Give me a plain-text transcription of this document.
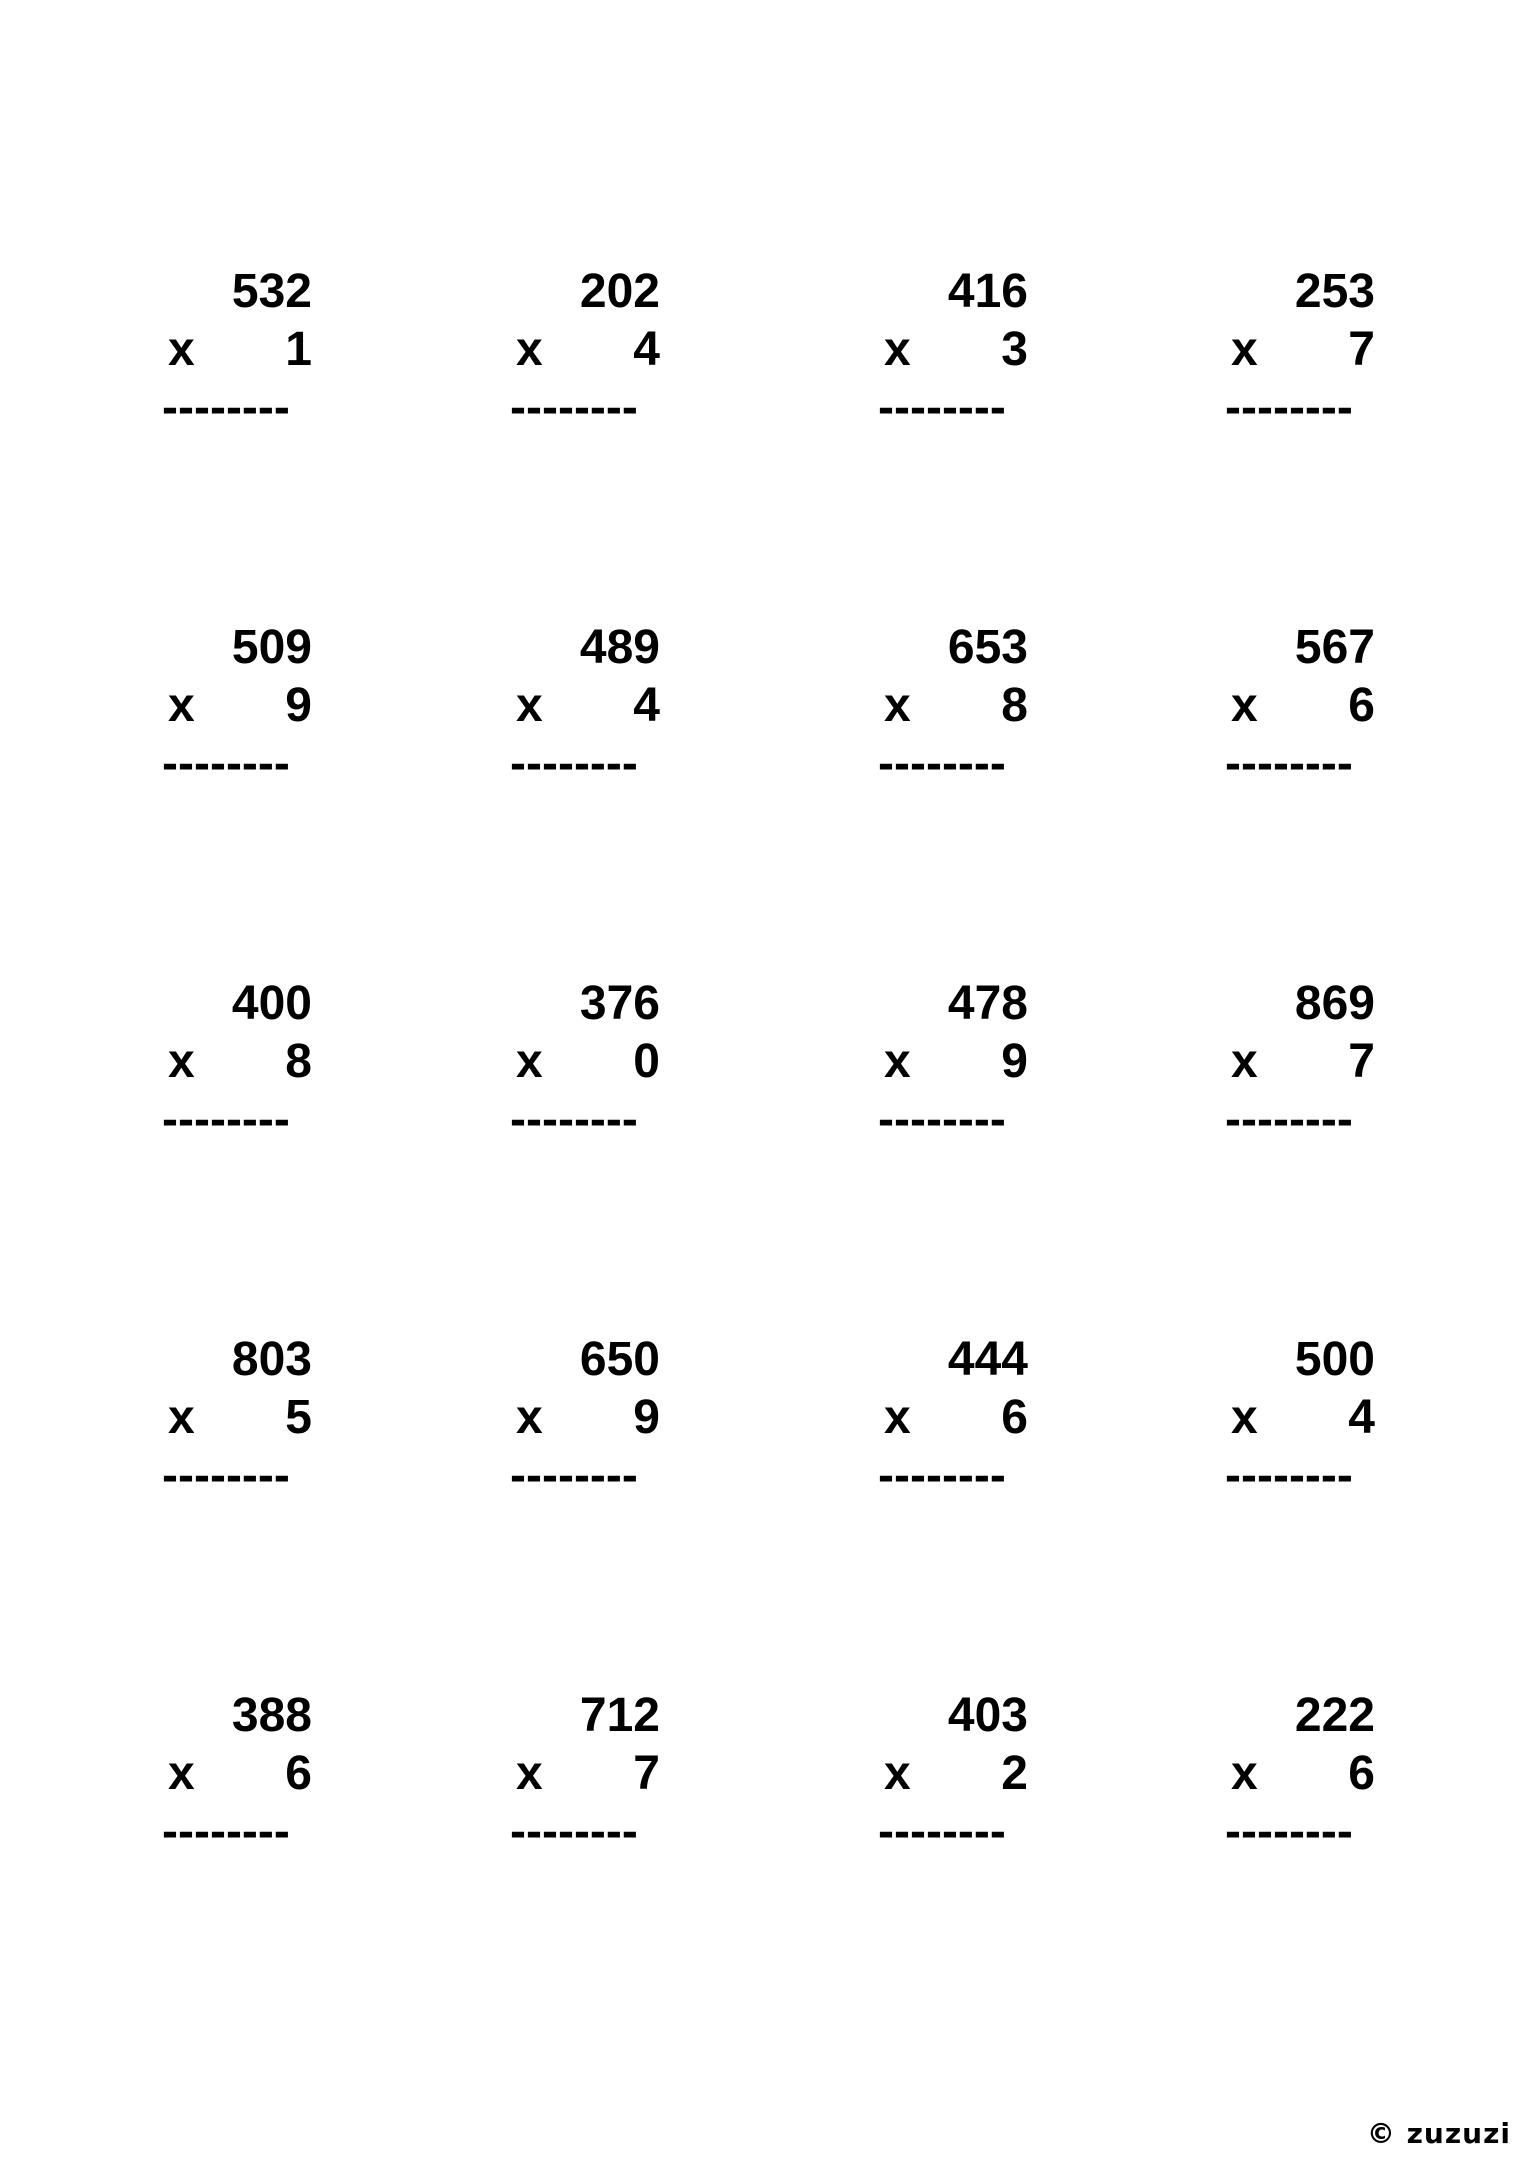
532
x 1
--------
202
x 4
--------
416
x 3
--------
253
x 7
--------
509
x 9
--------
489
x 4
--------
653
x 8
--------
567
x 6
--------
400
x 8
--------
376
x 0
--------
478
x 9
--------
869
x 7
--------
803
x 5
--------
650
x 9
--------
444
x 6
--------
500
x 4
--------
388
x 6
--------
712
x 7
--------
403
x 2
--------
222
x 6
--------
© zuzuzi
